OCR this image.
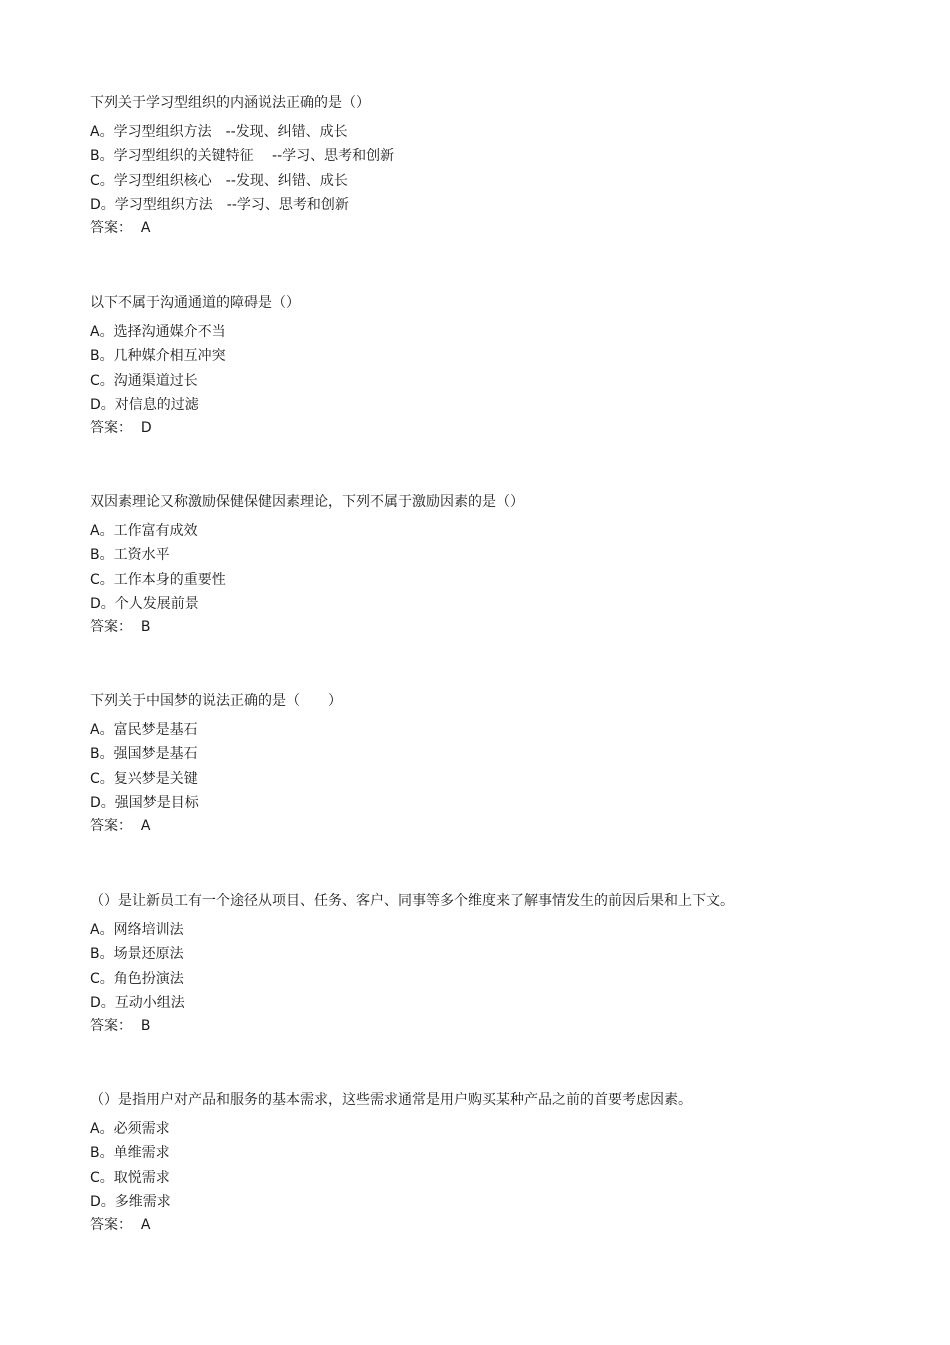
下列关于学习型组织的内涵说法正确的是（）
A。学习型组织方法　--发现、纠错、成长
B。学习型组织的关键特征　 --学习、思考和创新
C。学习型组织核心　--发现、纠错、成长
D。学习型组织方法　--学习、思考和创新
答案：  A
以下不属于沟通通道的障碍是（）
A。选择沟通媒介不当
B。几种媒介相互冲突
C。沟通渠道过长
D。对信息的过滤
答案：  D
双因素理论又称激励保健保健因素理论，下列不属于激励因素的是（）
A。工作富有成效
B。工资水平
C。工作本身的重要性
D。个人发展前景
答案：  B
下列关于中国梦的说法正确的是（　　）
A。富民梦是基石
B。强国梦是基石
C。复兴梦是关键
D。强国梦是目标
答案：  A
（）是让新员工有一个途径从项目、任务、客户、同事等多个维度来了解事情发生的前因后果和上下文。
A。网络培训法
B。场景还原法
C。角色扮演法
D。互动小组法
答案：  B
（）是指用户对产品和服务的基本需求，这些需求通常是用户购买某种产品之前的首要考虑因素。
A。必须需求
B。单维需求
C。取悦需求
D。多维需求
答案：  A
